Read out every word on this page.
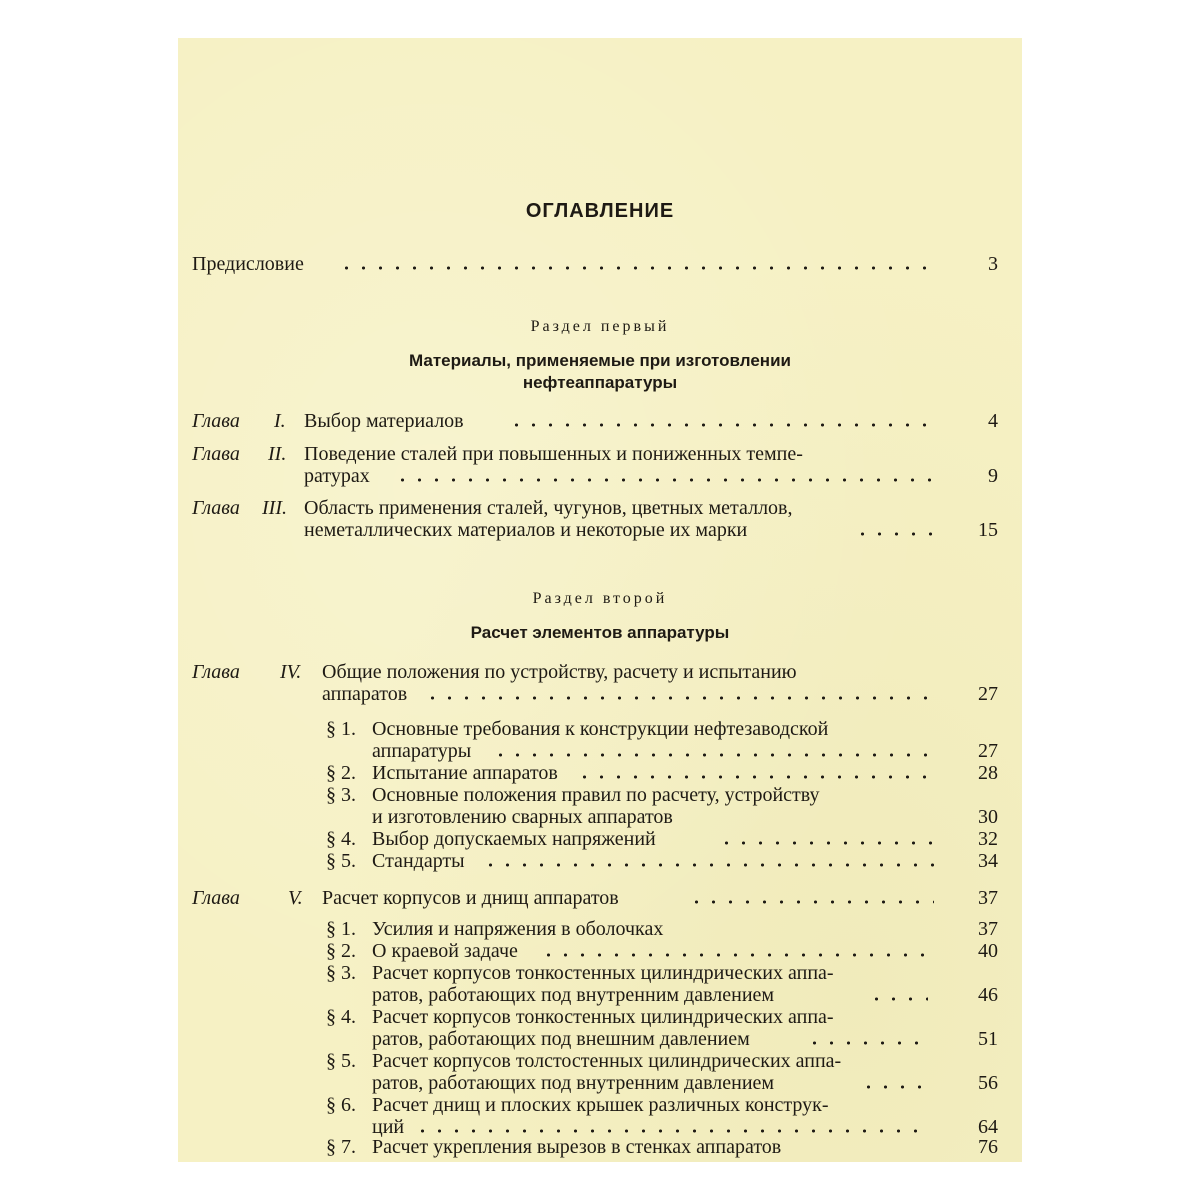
ОГЛАВЛЕНИЕ
Предисловие	3
Раздел первый
Материалы, применяемые при изготовлении
нефтеаппаратуры
Глава I. Выбор материалов	4
Глава II. Поведение сталей при повышенных и пониженных темпе-
ратурах	9
Глава III. Область применения сталей, чугунов, цветных металлов,
неметаллических материалов и некоторые их марки	15
Раздел второй
Расчет элементов аппаратуры
Глава IV. Общие положения по устройству, расчету и испытанию
аппаратов	27
§ 1. Основные требования к конструкции нефтезаводской
аппаратуры	27
§ 2. Испытание аппаратов	28
§ 3. Основные положения правил по расчету, устройству
и изготовлению сварных аппаратов	30
§ 4. Выбор допускаемых напряжений	32
§ 5. Стандарты	34
Глава V. Расчет корпусов и днищ аппаратов	37
§ 1. Усилия и напряжения в оболочках	37
§ 2. О краевой задаче	40
§ 3. Расчет корпусов тонкостенных цилиндрических аппа-
ратов, работающих под внутренним давлением	46
§ 4. Расчет корпусов тонкостенных цилиндрических аппа-
ратов, работающих под внешним давлением	51
§ 5. Расчет корпусов толстостенных цилиндрических аппа-
ратов, работающих под внутренним давлением	56
§ 6. Расчет днищ и плоских крышек различных конструк-
ций	64
§ 7. Расчет укрепления вырезов в стенках аппаратов	76
